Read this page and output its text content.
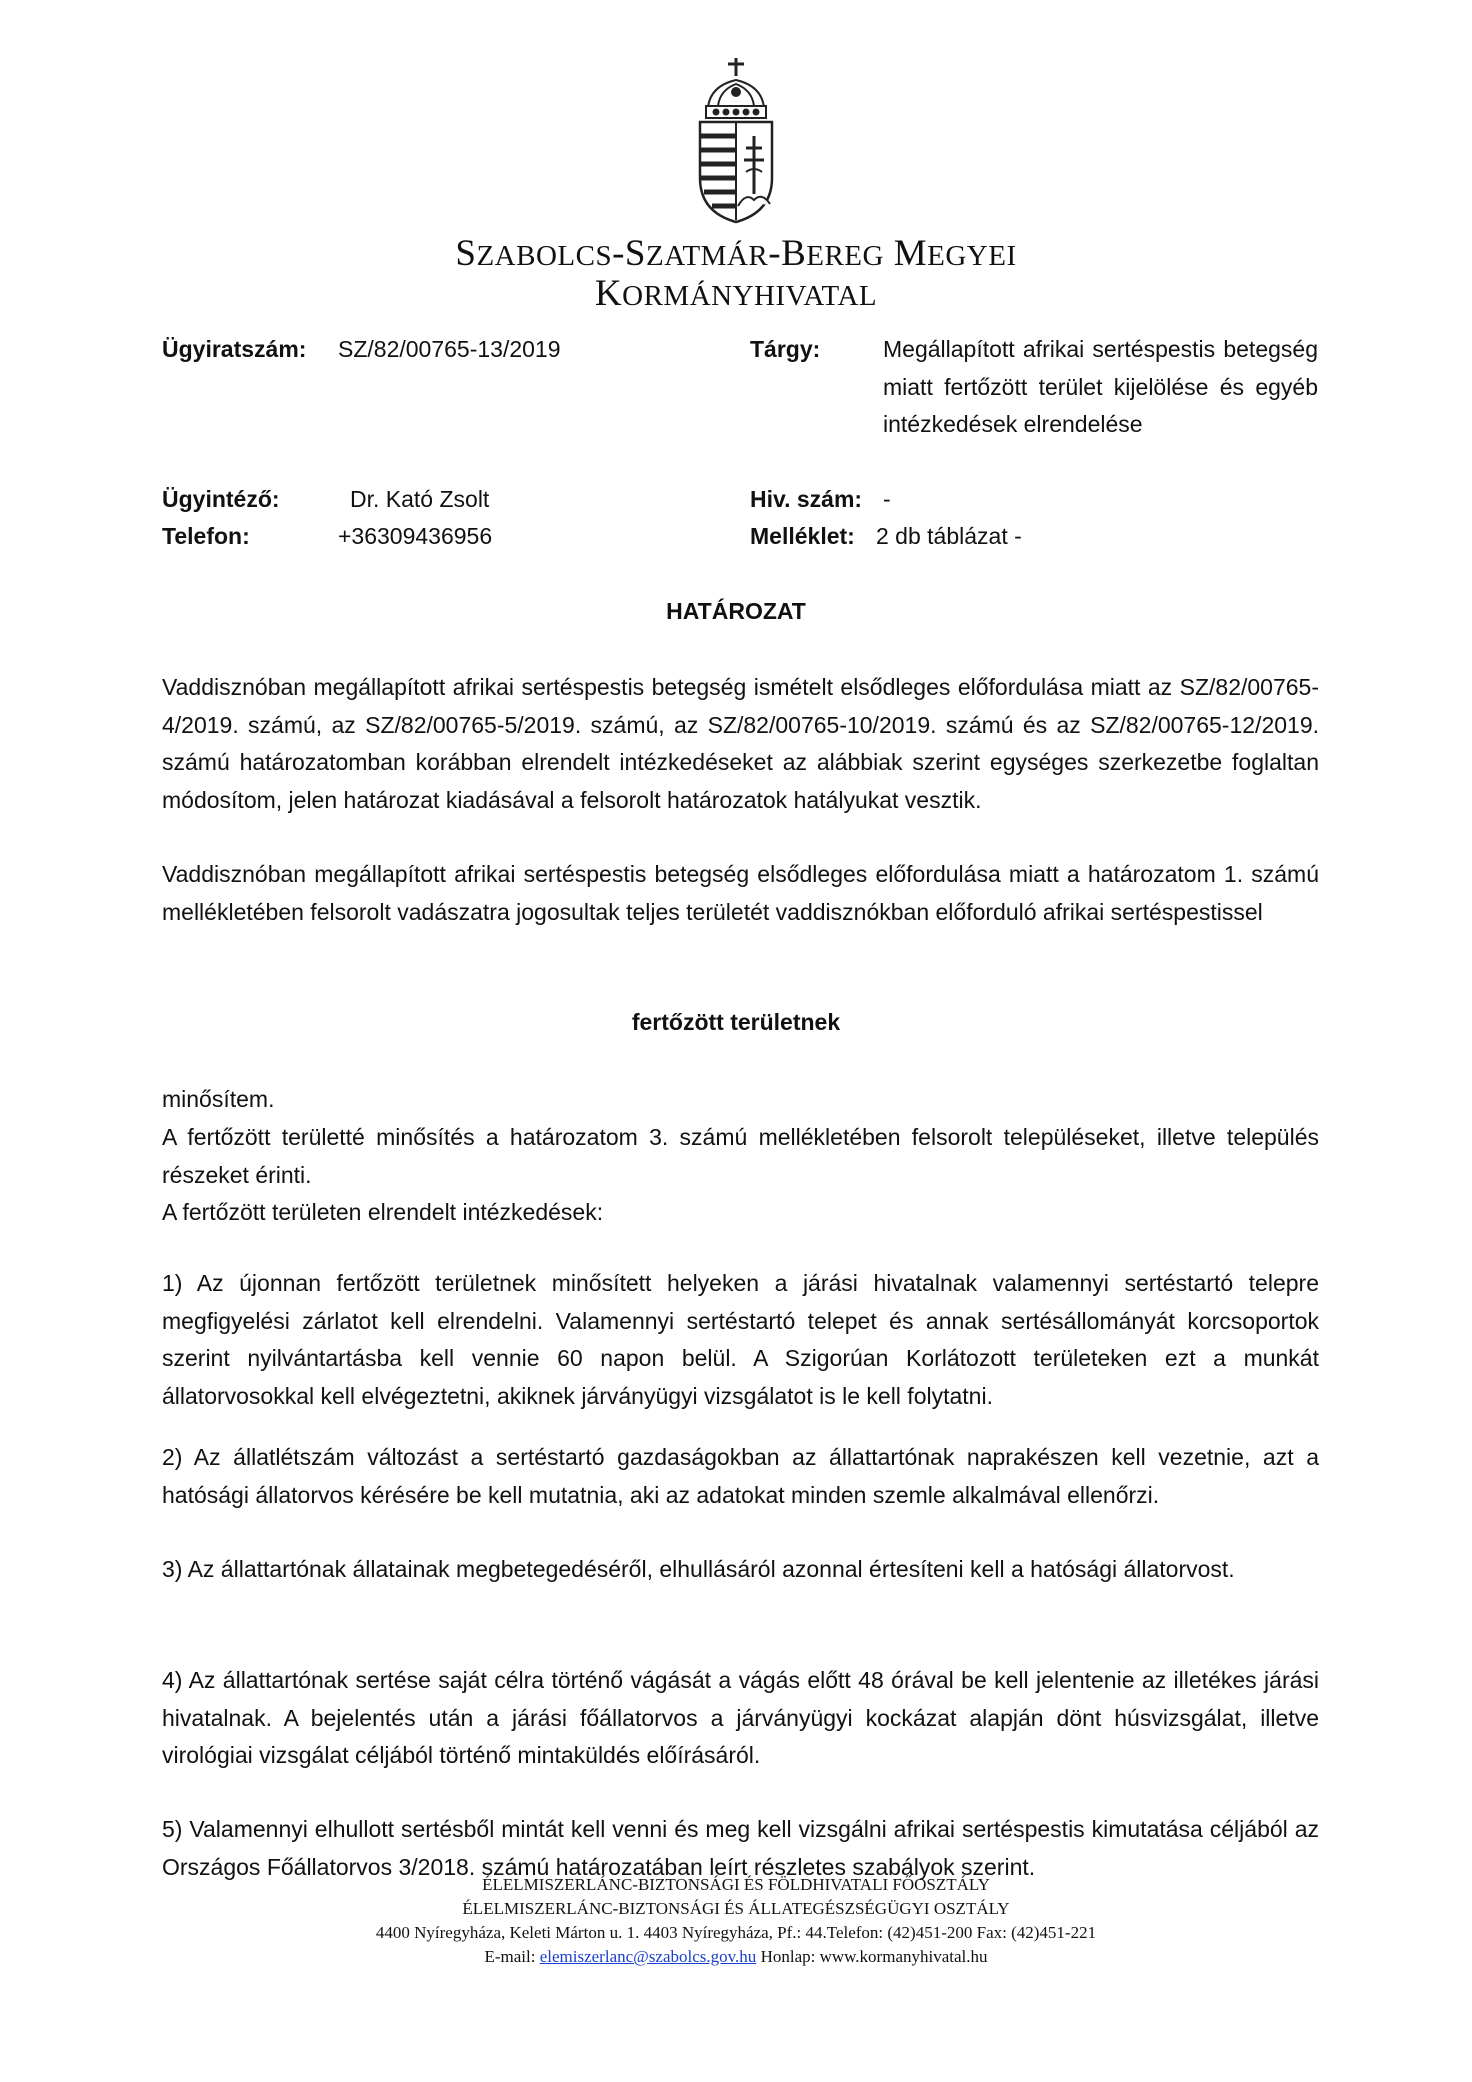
SZABOLCS-SZATMÁR-BEREG MEGYEI
KORMÁNYHIVATAL
Ügyiratszám: SZ/82/00765-13/2019	Tárgy:	Megállapított afrikai sertéspestis betegség miatt fertőzött terület kijelölése és egyéb intézkedések elrendelése
Ügyintéző:	Dr. Kató Zsolt	Hiv. szám: -
Telefon:	+36309436956	Melléklet: 2 db táblázat -
HATÁROZAT

Vaddisznóban megállapított afrikai sertéspestis betegség ismételt elsődleges előfordulása miatt az SZ/82/00765-4/2019. számú, az SZ/82/00765-5/2019. számú, az SZ/82/00765-10/2019. számú és az SZ/82/00765-12/2019. számú határozatomban korábban elrendelt intézkedéseket az alábbiak szerint egységes szerkezetbe foglaltan módosítom, jelen határozat kiadásával a felsorolt határozatok hatályukat vesztik.

Vaddisznóban megállapított afrikai sertéspestis betegség elsődleges előfordulása miatt a határozatom 1. számú mellékletében felsorolt vadászatra jogosultak teljes területét vaddisznókban előforduló afrikai sertéspestissel

fertőzött területnek

minősítem.

A fertőzött területté minősítés a határozatom 3. számú mellékletében felsorolt településeket, illetve település részeket érinti.

A fertőzött területen elrendelt intézkedések:

1) Az újonnan fertőzött területnek minősített helyeken a járási hivatalnak valamennyi sertéstartó telepre megfigyelési zárlatot kell elrendelni. Valamennyi sertéstartó telepet és annak sertésállományát korcsoportok szerint nyilvántartásba kell vennie 60 napon belül. A Szigorúan Korlátozott területeken ezt a munkát állatorvosokkal kell elvégeztetni, akiknek járványügyi vizsgálatot is le kell folytatni.

2) Az állatlétszám változást a sertéstartó gazdaságokban az állattartónak naprakészen kell vezetnie, azt a hatósági állatorvos kérésére be kell mutatnia, aki az adatokat minden szemle alkalmával ellenőrzi.

3) Az állattartónak állatainak megbetegedéséről, elhullásáról azonnal értesíteni kell a hatósági állatorvost.

4) Az állattartónak sertése saját célra történő vágását a vágás előtt 48 órával be kell jelentenie az illetékes járási hivatalnak. A bejelentés után a járási főállatorvos a járványügyi kockázat alapján dönt húsvizsgálat, illetve virológiai vizsgálat céljából történő mintaküldés előírásáról.

5) Valamennyi elhullott sertésből mintát kell venni és meg kell vizsgálni afrikai sertéspestis kimutatása céljából az Országos Főállatorvos 3/2018. számú határozatában leírt részletes szabályok szerint.

ÉLELMISZERLÁNC-BIZTONSÁGI ÉS FÖLDHIVATALI FŐOSZTÁLY
ÉLELMISZERLÁNC-BIZTONSÁGI ÉS ÁLLATEGÉSZSÉGÜGYI OSZTÁLY
4400 Nyíregyháza, Keleti Márton u. 1. 4403 Nyíregyháza, Pf.: 44.Telefon: (42)451-200 Fax: (42)451-221
E-mail: elemiszerlanc@szabolcs.gov.hu Honlap: www.kormanyhivatal.hu
